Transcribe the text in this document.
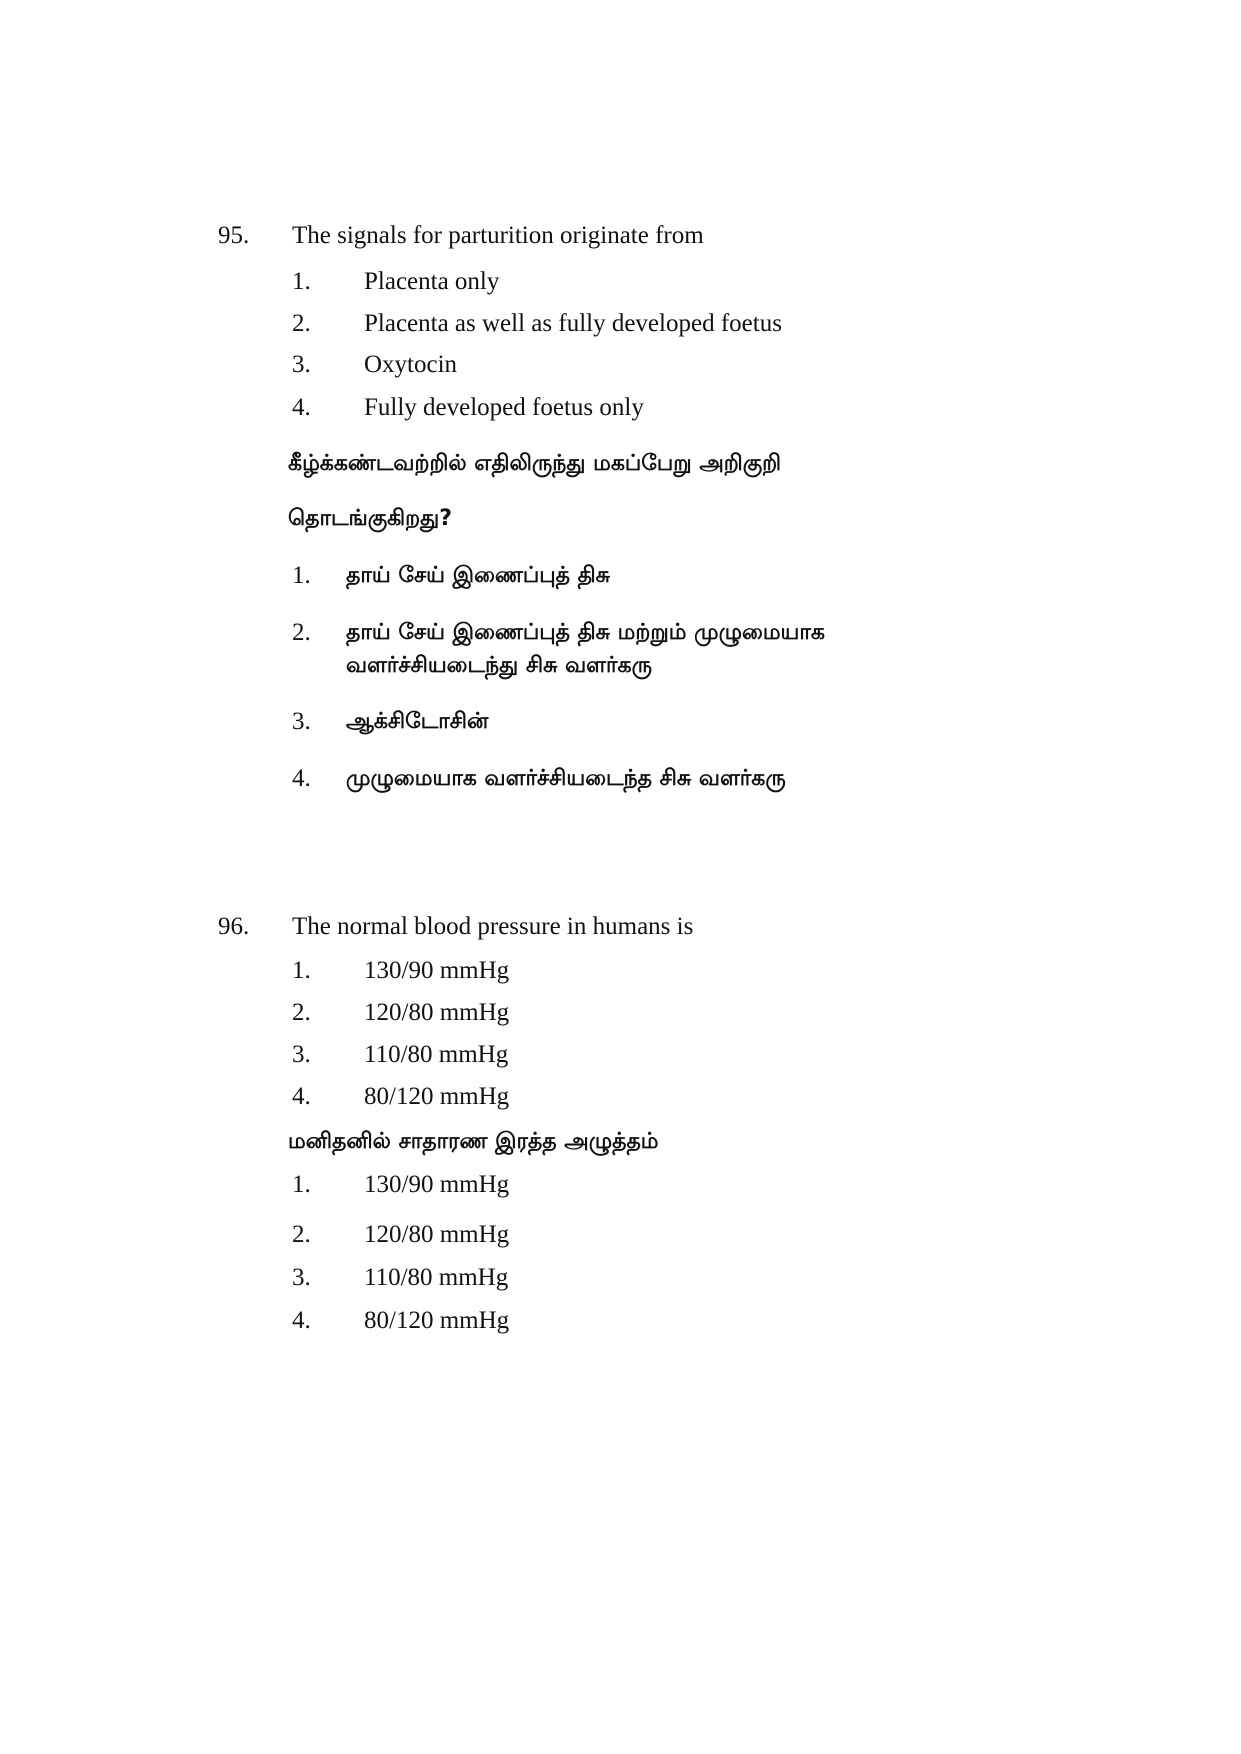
95. The signals for parturition originate from
1. Placenta only
2. Placenta as well as fully developed foetus
3. Oxytocin
4. Fully developed foetus only
கீழ்க்கண்டவற்றில் எதிலிருந்து மகப்பேறு அறிகுறி
தொடங்குகிறது?
1. தாய் சேய் இணைப்புத் திசு
2. தாய் சேய் இணைப்புத் திசு மற்றும் முழுமையாக
வளர்ச்சியடைந்து சிசு வளர்கரு
3. ஆக்சிடோசின்
4. முழுமையாக வளர்ச்சியடைந்த சிசு வளர்கரு
96. The normal blood pressure in humans is
1. 130/90 mmHg
2. 120/80 mmHg
3. 110/80 mmHg
4. 80/120 mmHg
மனிதனில் சாதாரண இரத்த அழுத்தம்
1. 130/90 mmHg
2. 120/80 mmHg
3. 110/80 mmHg
4. 80/120 mmHg
